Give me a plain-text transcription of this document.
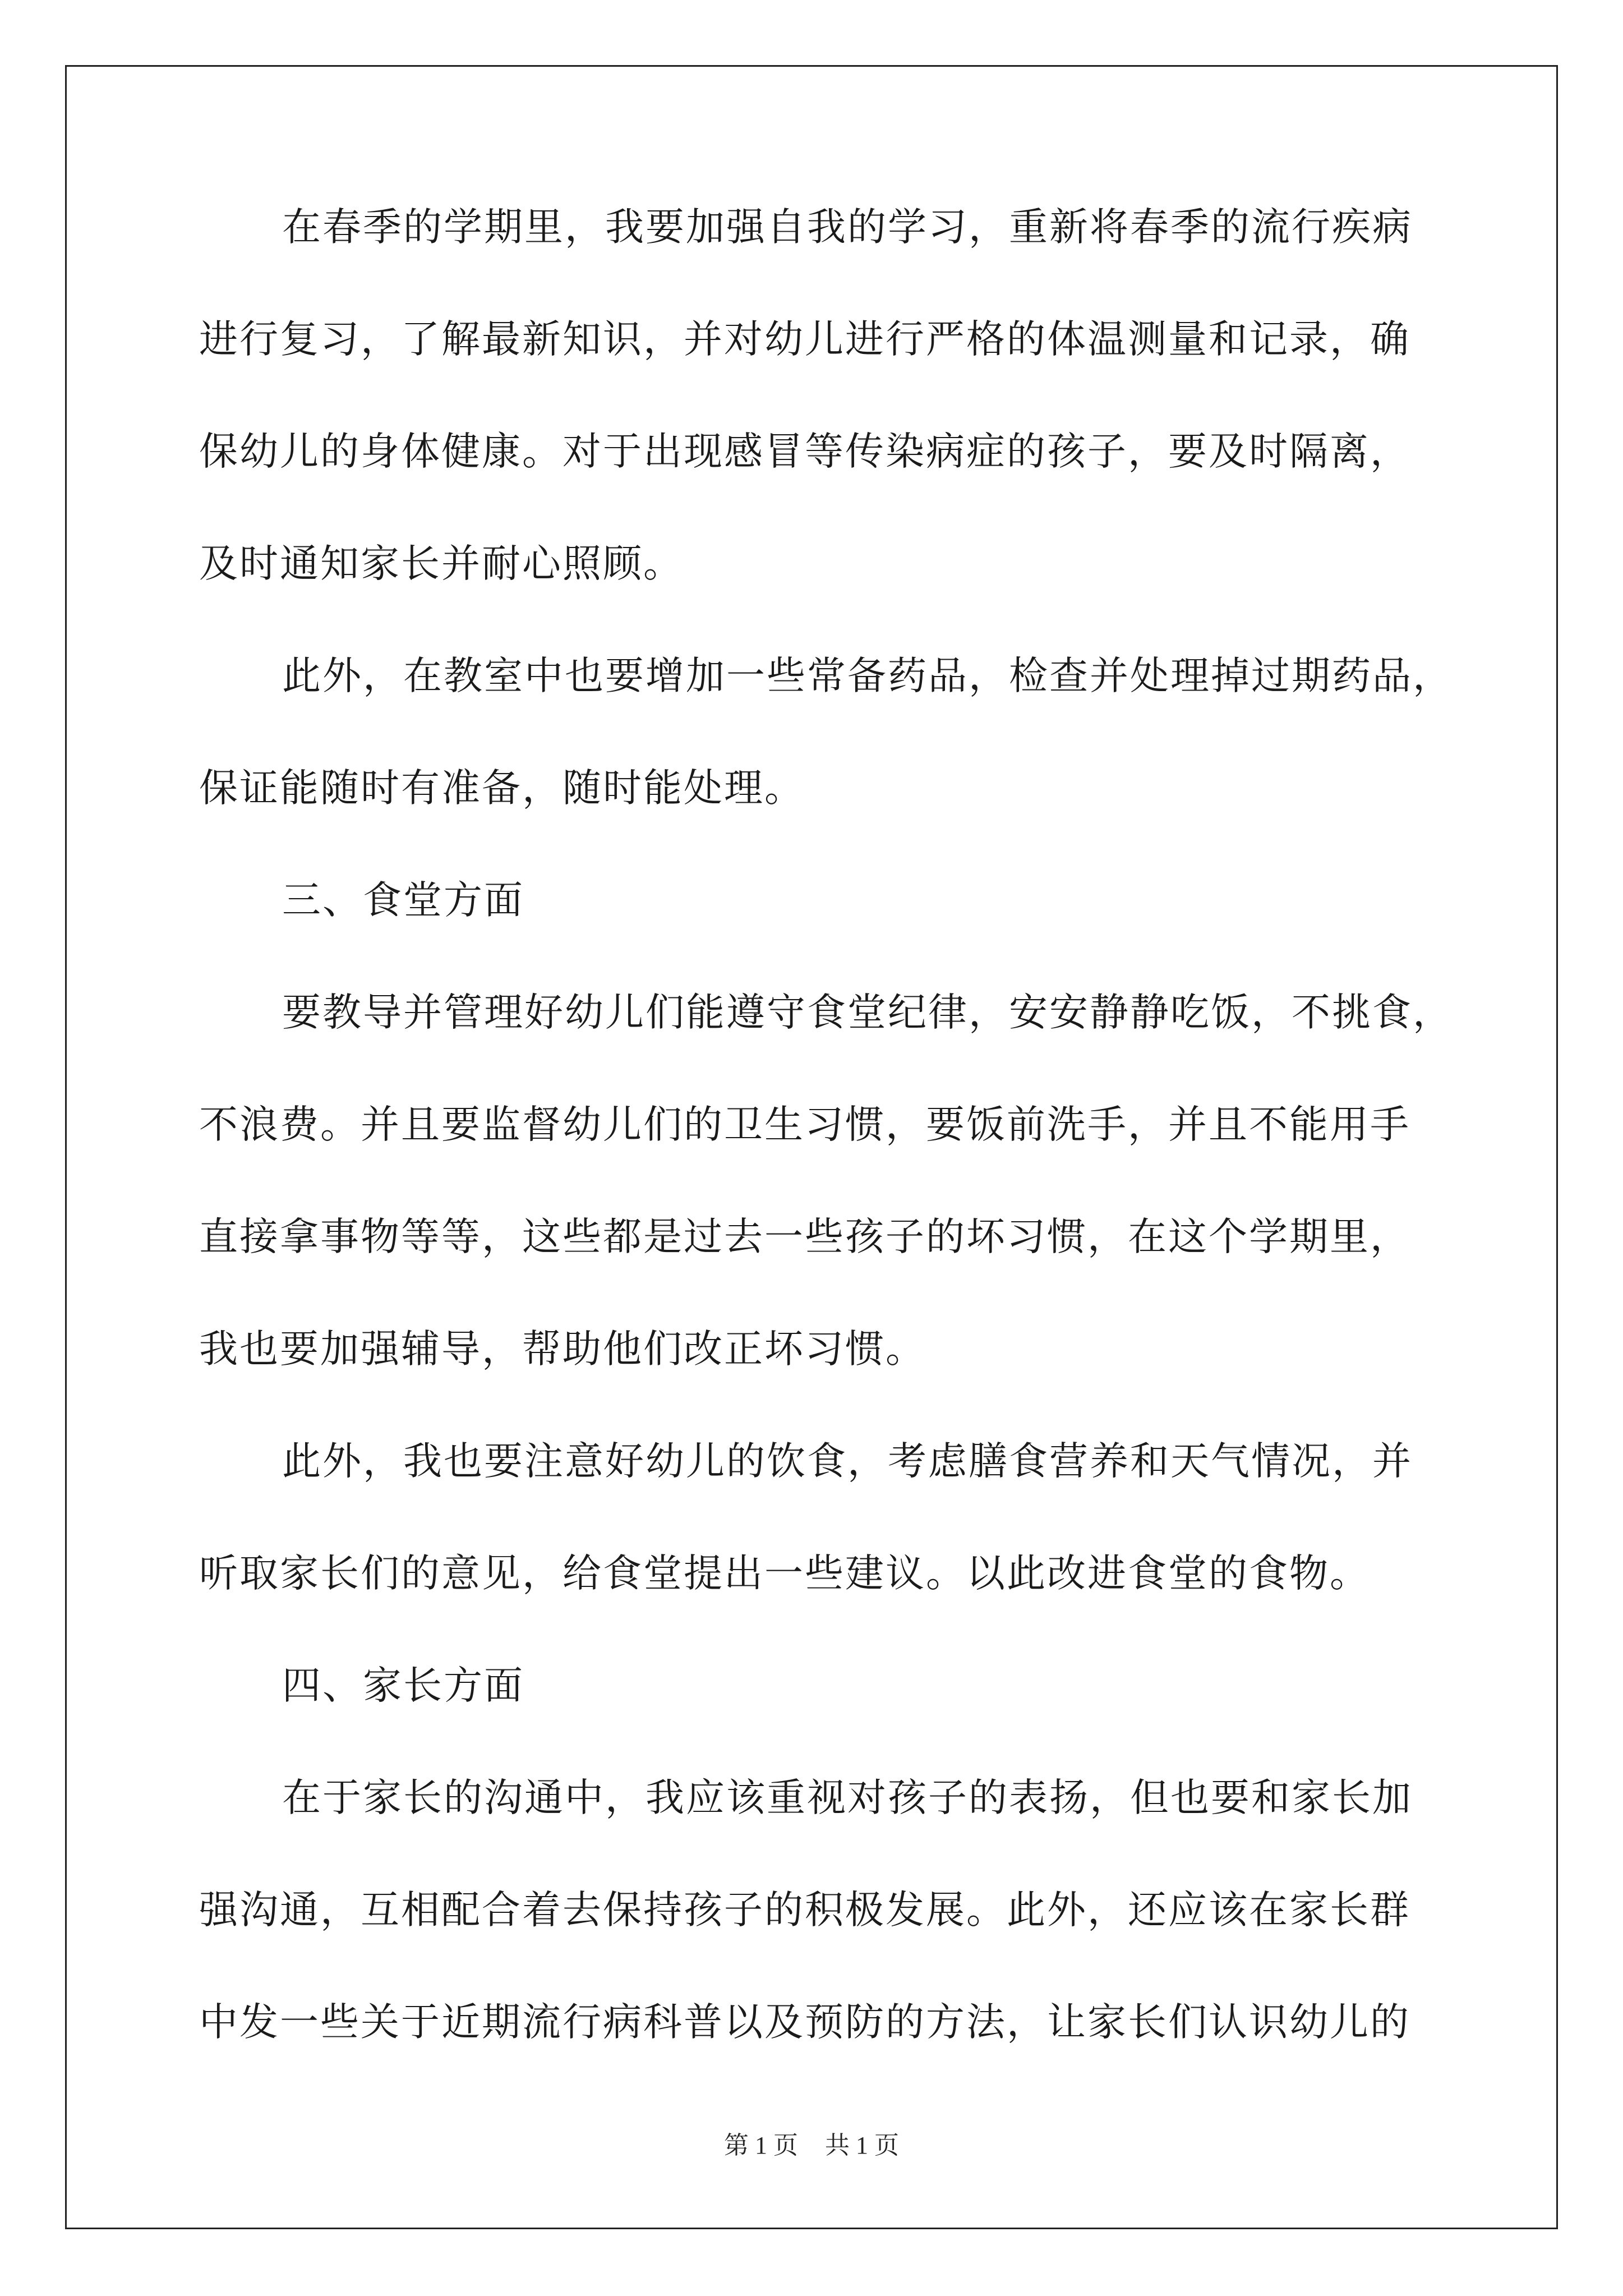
在春季的学期里，我要加强自我的学习，重新将春季的流行疾病
进行复习，了解最新知识，并对幼儿进行严格的体温测量和记录，确
保幼儿的身体健康。对于出现感冒等传染病症的孩子，要及时隔离，
及时通知家长并耐心照顾。
此外，在教室中也要增加一些常备药品，检查并处理掉过期药品，
保证能随时有准备，随时能处理。
三、食堂方面
要教导并管理好幼儿们能遵守食堂纪律，安安静静吃饭，不挑食，
不浪费。并且要监督幼儿们的卫生习惯，要饭前洗手，并且不能用手
直接拿事物等等，这些都是过去一些孩子的坏习惯，在这个学期里，
我也要加强辅导，帮助他们改正坏习惯。
此外，我也要注意好幼儿的饮食，考虑膳食营养和天气情况，并
听取家长们的意见，给食堂提出一些建议。以此改进食堂的食物。
四、家长方面
在于家长的沟通中，我应该重视对孩子的表扬，但也要和家长加
强沟通，互相配合着去保持孩子的积极发展。此外，还应该在家长群
中发一些关于近期流行病科普以及预防的方法，让家长们认识幼儿的
第 1 页 共 1 页
